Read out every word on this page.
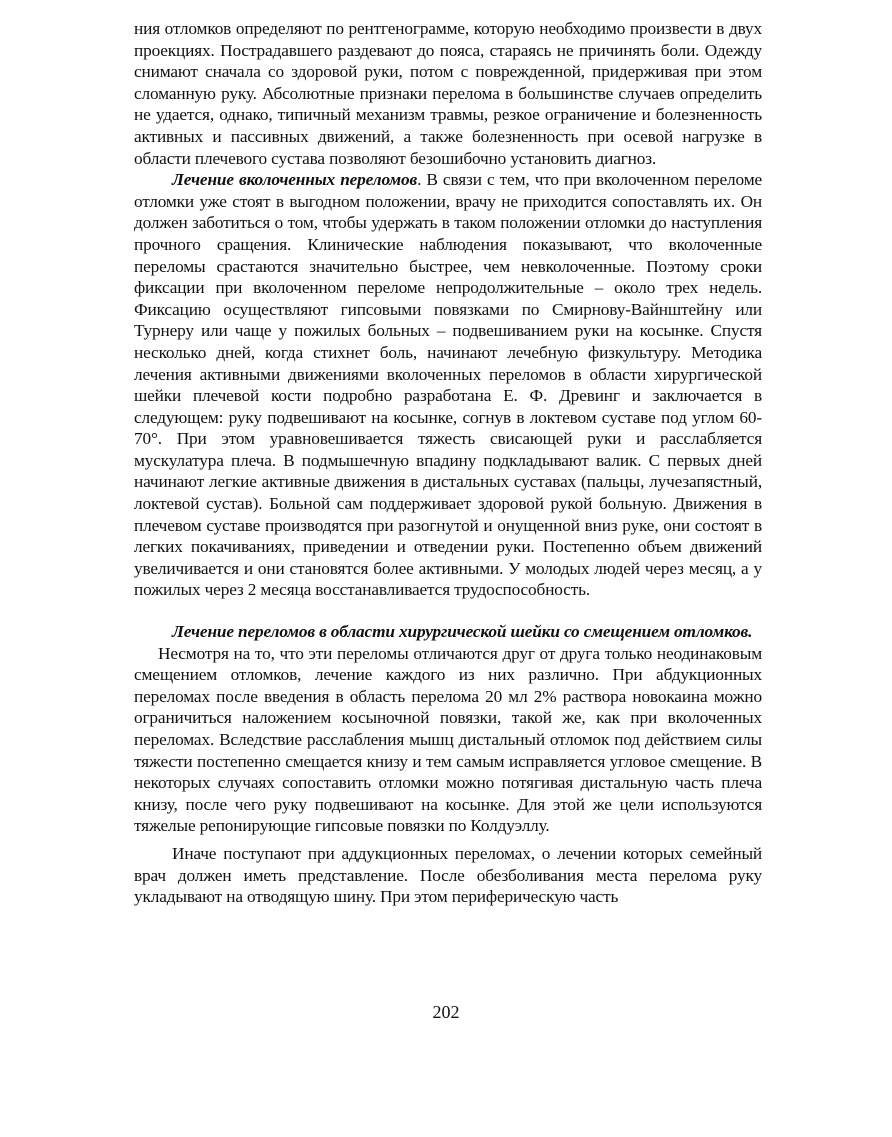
ния отломков определяют по рентгенограмме, которую необходимо произвести в двух проекциях. Пострадавшего раздевают до пояса, стараясь не причинять боли. Одежду снимают сначала со здоровой руки, потом с поврежденной, придерживая при этом сломанную руку. Абсолютные признаки перелома в большинстве случаев определить не удается, однако, типичный механизм травмы, резкое ограничение и болезненность активных и пассивных движений, а также болезненность при осевой нагрузке в области плечевого сустава позволяют безошибочно установить диагноз.

Лечение вколоченных переломов. В связи с тем, что при вколоченном переломе отломки уже стоят в выгодном положении, врачу не приходится сопоставлять их. Он должен заботиться о том, чтобы удержать в таком положении отломки до наступления прочного сращения. Клинические наблюдения показывают, что вколоченные переломы срастаются значительно быстрее, чем невколоченные. Поэтому сроки фиксации при вколоченном переломе непродолжительные – около трех недель. Фиксацию осуществляют гипсовыми повязками по Смирнову-Вайнштейну или Турнеру или чаще у пожилых больных – подвешиванием руки на косынке. Спустя несколько дней, когда стихнет боль, начинают лечебную физкультуру. Методика лечения активными движениями вколоченных переломов в области хирургической шейки плечевой кости подробно разработана Е. Ф. Древинг и заключается в следующем: руку подвешивают на косынке, согнув в локтевом суставе под углом 60-70°. При этом уравновешивается тяжесть свисающей руки и расслабляется мускулатура плеча. В подмышечную впадину подкладывают валик. С первых дней начинают легкие активные движения в дистальных суставах (пальцы, лучезапястный, локтевой сустав). Больной сам поддерживает здоровой рукой больную. Движения в плечевом суставе производятся при разогнутой и онущенной вниз руке, они состоят в легких покачиваниях, приведении и отведении руки. Постепенно объем движений увеличивается и они становятся более активными. У молодых людей через месяц, а у пожилых через 2 месяца восстанавливается трудоспособность.

Лечение переломов в области хирургической шейки со смещением отломков.

Несмотря на то, что эти переломы отличаются друг от друга только неодинаковым смещением отломков, лечение каждого из них различно. При абдукционных переломах после введения в область перелома 20 мл 2% раствора новокаина можно ограничиться наложением косыночной повязки, такой же, как при вколоченных переломах. Вследствие расслабления мышц дистальный отломок под действием силы тяжести постепенно смещается книзу и тем самым исправляется угловое смещение. В некоторых случаях сопоставить отломки можно потягивая дистальную часть плеча книзу, после чего руку подвешивают на косынке. Для этой же цели используются тяжелые репонирующие гипсовые повязки по Колдуэллу.

Иначе поступают при аддукционных переломах, о лечении которых семейный врач должен иметь представление. После обезболивания места перелома руку укладывают на отводящую шину. При этом периферическую часть

202
